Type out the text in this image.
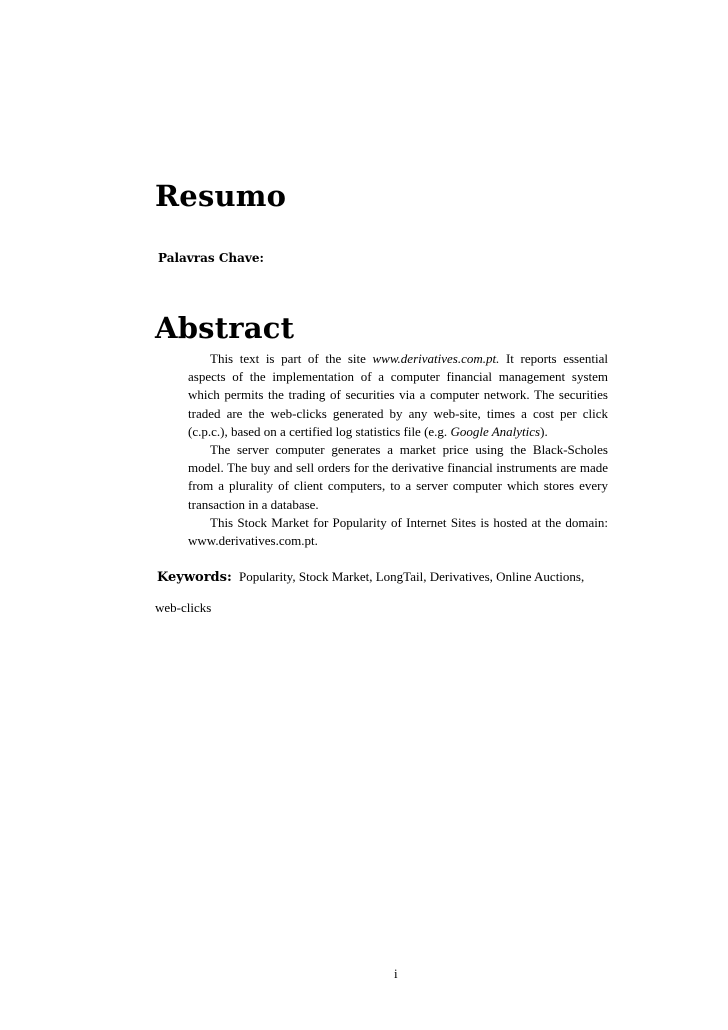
Resumo
Palavras Chave:
Abstract

This text is part of the site www.derivatives.com.pt. It reports essential aspects of the implementation of a computer financial management system which permits the trading of securities via a computer network. The securities traded are the web-clicks generated by any web-site, times a cost per click (c.p.c.), based on a certified log statistics file (e.g. Google Analytics).

The server computer generates a market price using the Black-Scholes model. The buy and sell orders for the derivative financial instruments are made from a plurality of client computers, to a server computer which stores every transaction in a database.

This Stock Market for Popularity of Internet Sites is hosted at the domain: www.derivatives.com.pt.

Keywords: Popularity, Stock Market, LongTail, Derivatives, Online Auctions,
web-clicks
i
